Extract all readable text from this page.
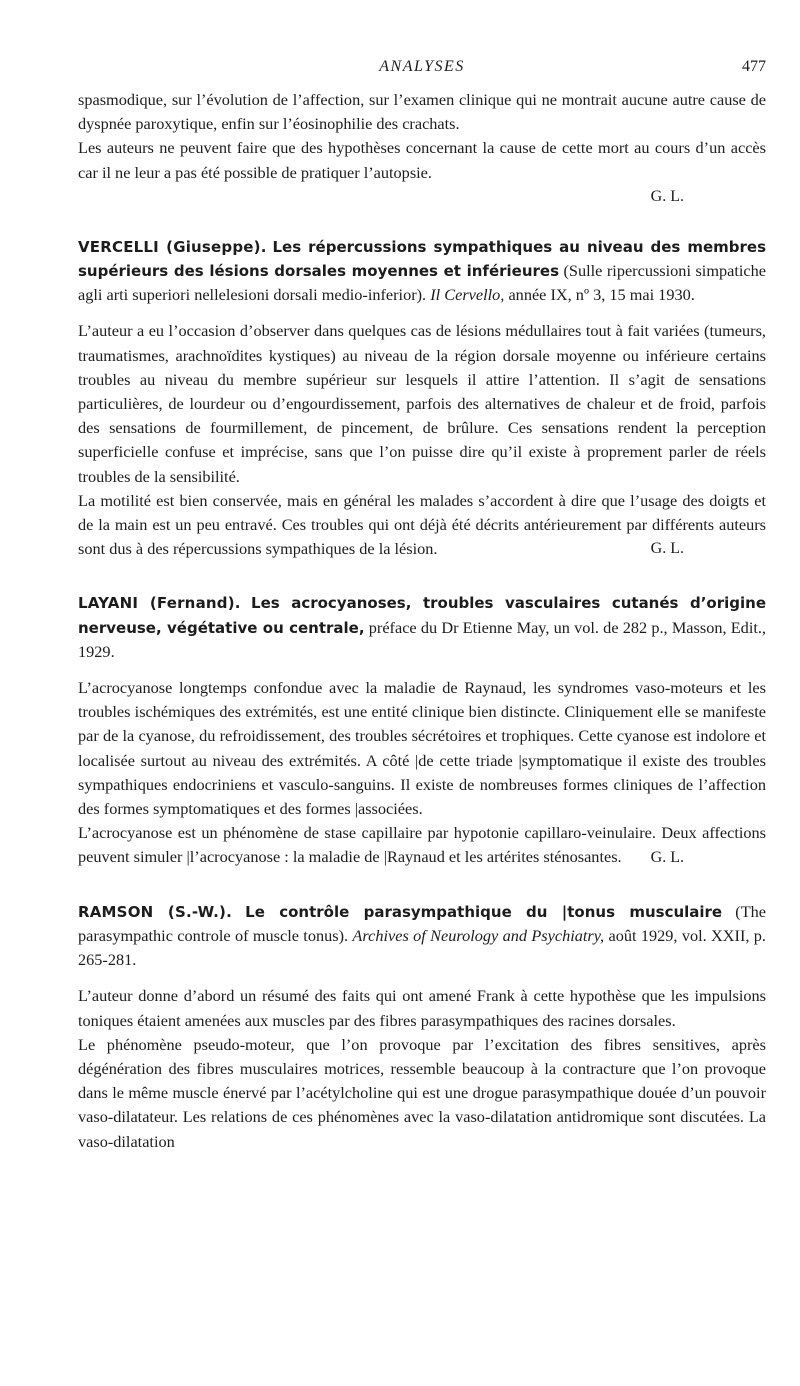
ANALYSES	477

spasmodique, sur l’évolution de l’affection, sur l’examen clinique qui ne montrait aucune autre cause de dyspnée paroxytique, enfin sur l’éosinophilie des crachats.

Les auteurs ne peuvent faire que des hypothèses concernant la cause de cette mort au cours d’un accès car il ne leur a pas été possible de pratiquer l’autopsie.

G. L.

VERCELLI (Giuseppe). Les répercussions sympathiques au niveau des membres supérieurs des lésions dorsales moyennes et inférieures (Sulle ripercussioni simpatiche agli arti superiori nellelesioni dorsali medio-inferior). Il Cervello, année IX, nº 3, 15 mai 1930.

L’auteur a eu l’occasion d’observer dans quelques cas de lésions médullaires tout à fait variées (tumeurs, traumatismes, arachnoïdites kystiques) au niveau de la région dorsale moyenne ou inférieure certains troubles au niveau du membre supérieur sur lesquels il attire l’attention. Il s’agit de sensations particulières, de lourdeur ou d’engourdissement, parfois des alternatives de chaleur et de froid, parfois des sensations de fourmillement, de pincement, de brûlure. Ces sensations rendent la perception superficielle confuse et imprécise, sans que l’on puisse dire qu’il existe à proprement parler de réels troubles de la sensibilité.

La motilité est bien conservée, mais en général les malades s’accordent à dire que l’usage des doigts et de la main est un peu entravé. Ces troubles qui ont déjà été décrits antérieurement par différents auteurs sont dus à des répercussions sympathiques de la lésion.	G. L.

LAYANI (Fernand). Les acrocyanoses, troubles vasculaires cutanés d’origine nerveuse, végétative ou centrale, préface du Dr Etienne May, un vol. de 282 p., Masson, Edit., 1929.

L’acrocyanose longtemps confondue avec la maladie de Raynaud, les syndromes vaso-moteurs et les troubles ischémiques des extrémités, est une entité clinique bien distincte. Cliniquement elle se manifeste par de la cyanose, du refroidissement, des troubles sécrétoires et trophiques. Cette cyanose est indolore et localisée surtout au niveau des extrémités. A côté |de cette triade |symptomatique il existe des troubles sympathiques endocriniens et vasculo-sanguins. Il existe de nombreuses formes cliniques de l’affection des formes symptomatiques et des formes |associées.

L’acrocyanose est un phénomène de stase capillaire par hypotonie capillaro-veinulaire. Deux affections peuvent simuler |l’acrocyanose : la maladie de |Raynaud et les artérites sténosantes.	G. L.

RAMSON (S.-W.). Le contrôle parasympathique du |tonus musculaire (The parasympathic controle of muscle tonus). Archives of Neurology and Psychiatry, août 1929, vol. XXII, p. 265-281.

L’auteur donne d’abord un résumé des faits qui ont amené Frank à cette hypothèse que les impulsions toniques étaient amenées aux muscles par des fibres parasympathiques des racines dorsales.

Le phénomène pseudo-moteur, que l’on provoque par l’excitation des fibres sensitives, après dégénération des fibres musculaires motrices, ressemble beaucoup à la contracture que l’on provoque dans le même muscle énervé par l’acétylcholine qui est une drogue parasympathique douée d’un pouvoir vaso-dilatateur. Les relations de ces phénomènes avec la vaso-dilatation antidromique sont discutées. La vaso-dilatation
